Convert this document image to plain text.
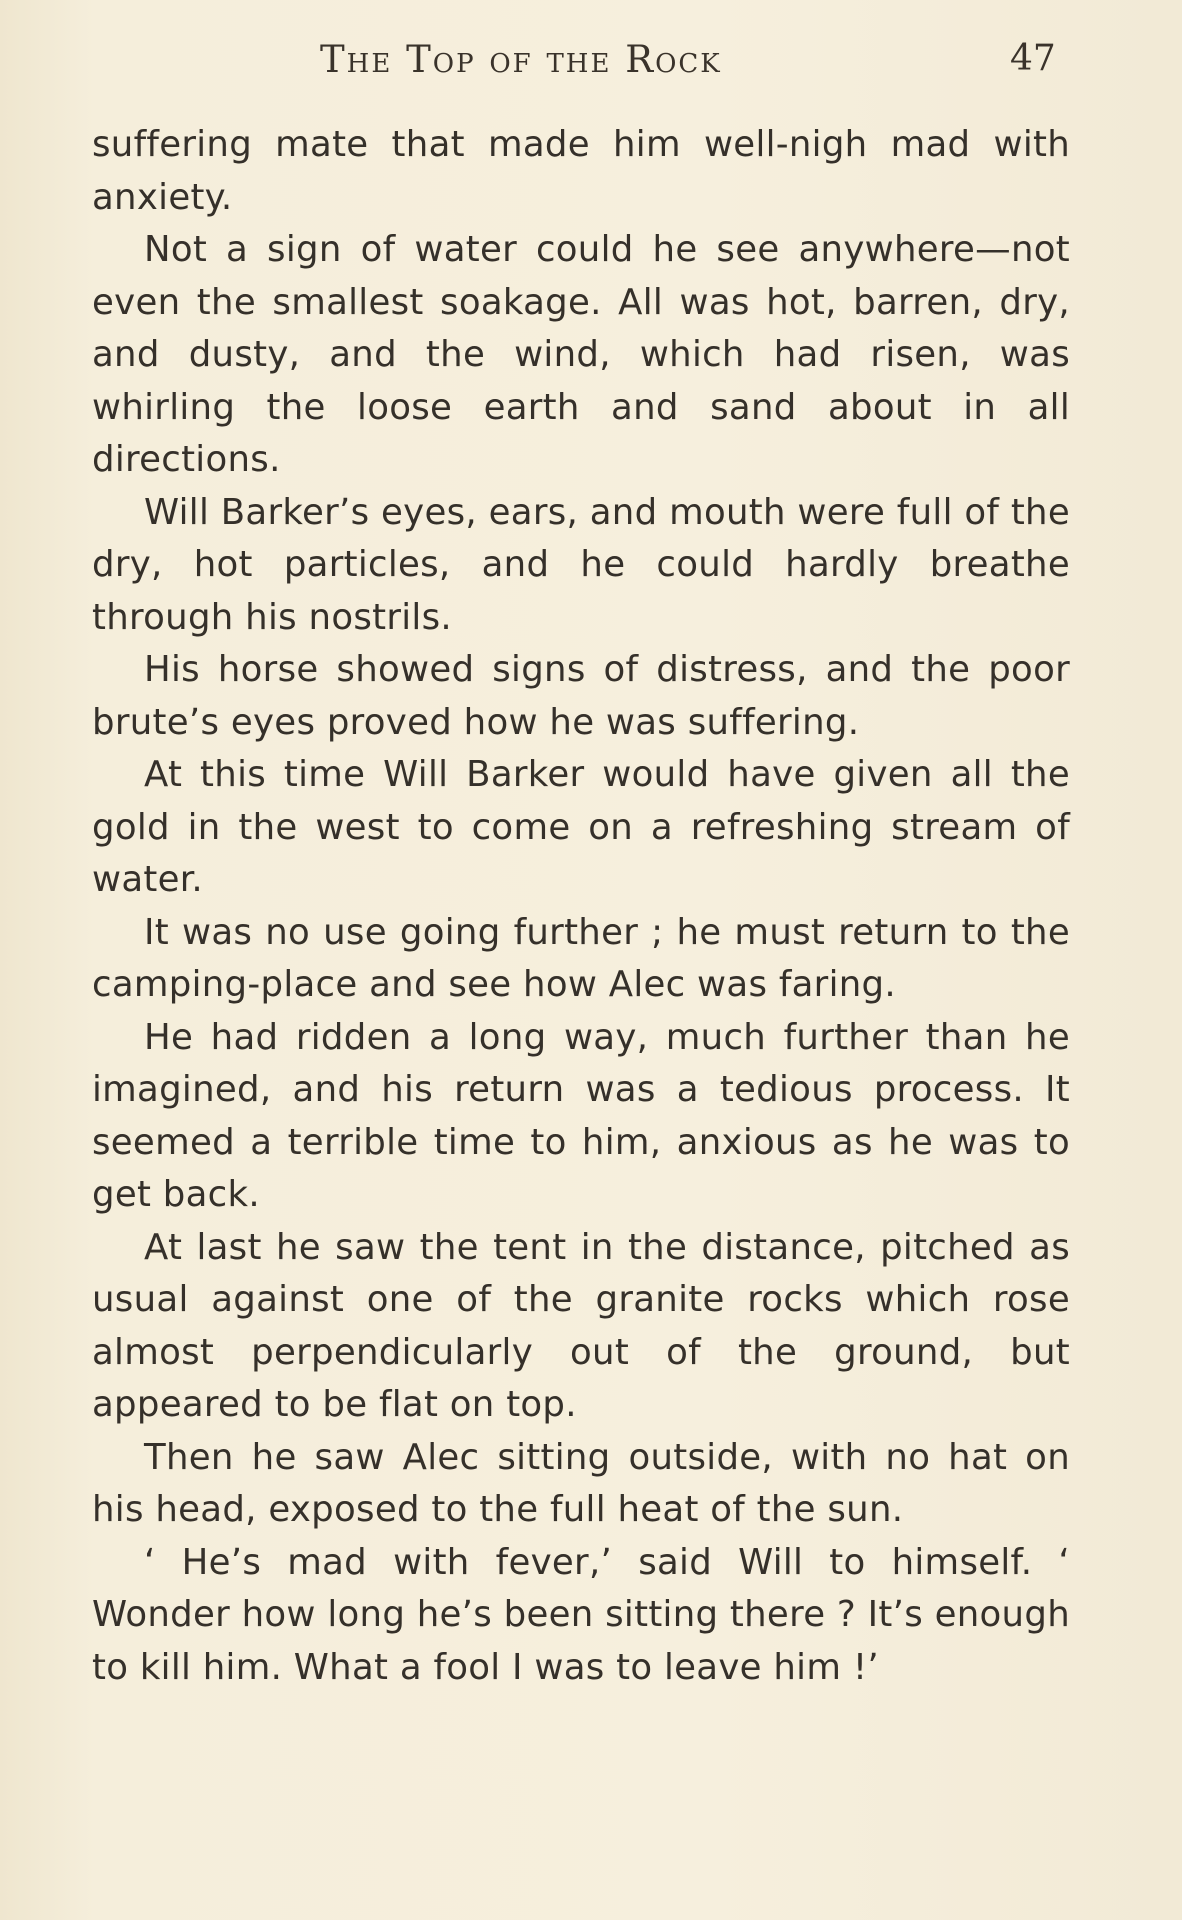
The Top of the Rock	47

suffering mate that made him well-nigh mad with anxiety.

Not a sign of water could he see anywhere—not even the smallest soakage. All was hot, barren, dry, and dusty, and the wind, which had risen, was whirling the loose earth and sand about in all directions.

Will Barker’s eyes, ears, and mouth were full of the dry, hot particles, and he could hardly breathe through his nostrils.

His horse showed signs of distress, and the poor brute’s eyes proved how he was suffering.

At this time Will Barker would have given all the gold in the west to come on a refreshing stream of water.

It was no use going further ; he must return to the camping-place and see how Alec was faring.

He had ridden a long way, much further than he imagined, and his return was a tedious process. It seemed a terrible time to him, anxious as he was to get back.

At last he saw the tent in the distance, pitched as usual against one of the granite rocks which rose almost perpendicularly out of the ground, but appeared to be flat on top.

Then he saw Alec sitting outside, with no hat on his head, exposed to the full heat of the sun.

‘ He’s mad with fever,’ said Will to himself. ‘ Wonder how long he’s been sitting there ? It’s enough to kill him. What a fool I was to leave him !’
